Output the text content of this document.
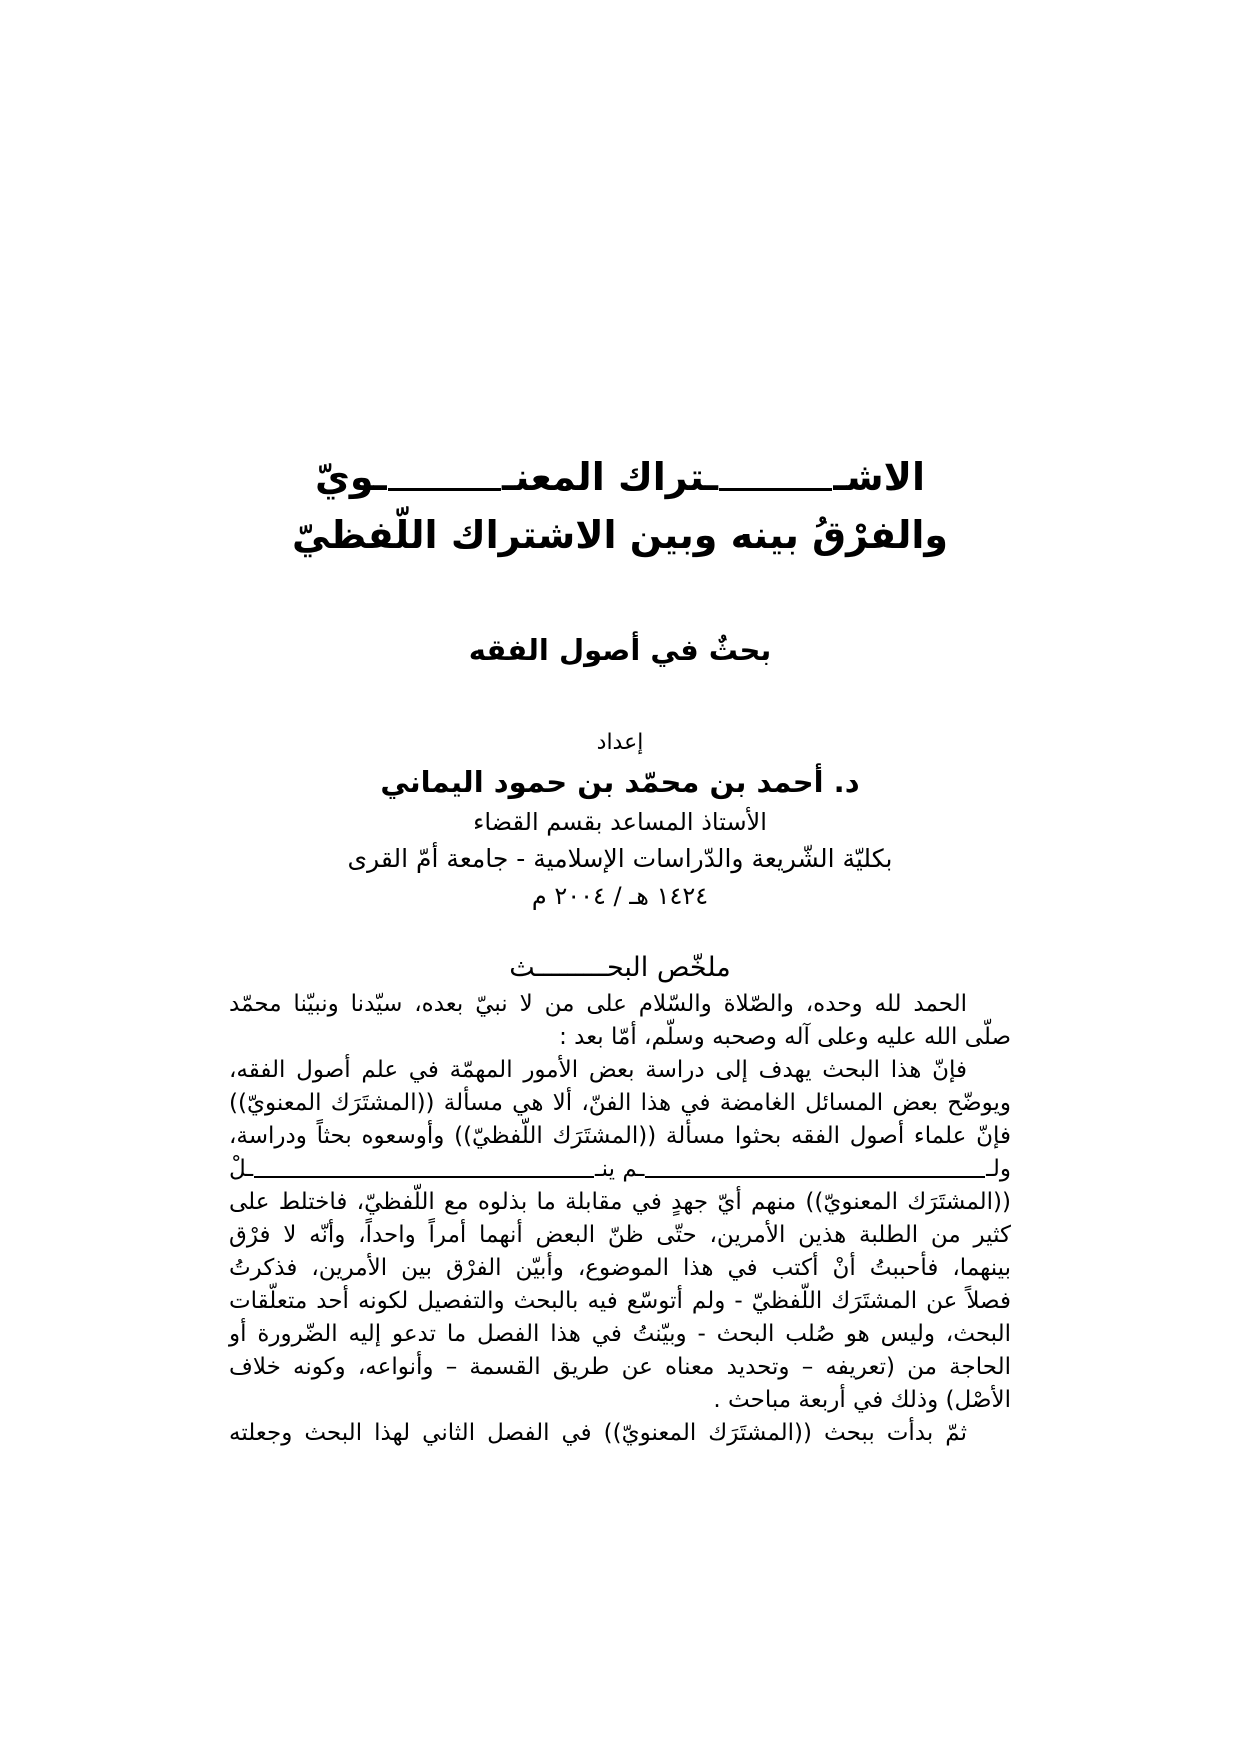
الاشـ
ـتراك المعنـ
ـويّ
والفرْقُ بينه وبين الاشتراك اللّفظيّ
بحثٌ في أصول الفقه
إعداد
د. أحمد بن محمّد بن حمود اليماني
الأستاذ المساعد بقسم القضاء
بكليّة الشّريعة والدّراسات الإسلامية - جامعة أمّ القرى
١٤٢٤ هـ / ٢٠٠٤ م
ملخّص البحـــــــــث
الحمد لله وحده، والصّلاة والسّلام على من لا نبيّ بعده، سيّدنا ونبيّنا محمّد
صلّى الله عليه وعلى آله وصحبه وسلّم، أمّا بعد :
فإنّ هذا البحث يهدف إلى دراسة بعض الأمور المهمّة في علم أصول الفقه،
ويوضّح بعض المسائل الغامضة في هذا الفنّ، ألا هي مسألة ((المشتَرَك المعنويّ))
فإنّ علماء أصول الفقه بحثوا مسألة ((المشتَرَك اللّفظيّ)) وأوسعوه بحثاً ودراسة،
ولـ
ـم ينـ
ـلْ
((المشتَرَك المعنويّ)) منهم أيّ جهدٍ في مقابلة ما بذلوه مع اللّفظيّ، فاختلط على
كثير من الطلبة هذين الأمرين، حتّى ظنّ البعض أنهما أمراً واحداً، وأنّه لا فرْق
بينهما، فأحببتُ أنْ أكتب في هذا الموضوع، وأبيّن الفرْق بين الأمرين، فذكرتُ
فصلاً عن المشتَرَك اللّفظيّ - ولم أتوسّع فيه بالبحث والتفصيل لكونه أحد متعلّقات
البحث، وليس هو صُلب البحث - وبيّنتُ في هذا الفصل ما تدعو إليه الضّرورة أو
الحاجة من (تعريفه – وتحديد معناه عن طريق القسمة – وأنواعه، وكونه خلاف
الأصْل) وذلك في أربعة مباحث .
ثمّ بدأت ببحث ((المشتَرَك المعنويّ)) في الفصل الثاني لهذا البحث وجعلته
